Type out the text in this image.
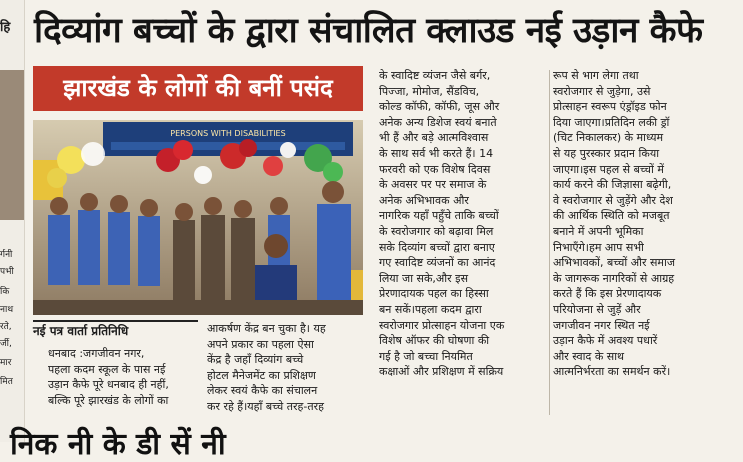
हि
र्गनी
पभी
कि
नाथ
रते,
र्जी,
मार
मित
दिव्यांग बच्चों के द्वारा संचालित क्लाउड नई उड़ान कैफे
झारखंड के लोगों की बनीं पसंद
PERSONS WITH DISABILITIES
नई पत्र वार्ता प्रतिनिधि
धनबाद :जगजीवन नगर,
पहला कदम स्कूल के पास नई
उड़ान कैफे पूरे धनबाद ही नहीं,
बल्कि पूरे झारखंड के लोगों का
आकर्षण केंद्र बन चुका है। यह
अपने प्रकार का पहला ऐसा
केंद्र है जहाँ दिव्यांग बच्चे
होटल मैनेजमेंट का प्रशिक्षण
लेकर स्वयं कैफे का संचालन
कर रहे हैं।यहाँ बच्चे तरह-तरह
के स्वादिष्ट व्यंजन जैसे बर्गर,
पिज्जा, मोमोज, सैंडविच,
कोल्ड कॉफी, कॉफी, जूस और
अनेक अन्य डिशेज स्वयं बनाते
भी हैं और बड़े आत्मविश्वास
के साथ सर्व भी करते हैं। 14
फरवरी को एक विशेष दिवस
के अवसर पर पर समाज के
अनेक अभिभावक और
नागरिक यहाँ पहुँचे ताकि बच्चों
के स्वरोजगार को बढ़ावा मिल
सके दिव्यांग बच्चों द्वारा बनाए
गए स्वादिष्ट व्यंजनों का आनंद
लिया जा सके,और इस
प्रेरणादायक पहल का हिस्सा
बन सकें।पहला कदम द्वारा
स्वरोजगार प्रोत्साहन योजना एक
विशेष ऑफर की घोषणा की
गई है जो बच्चा नियमित
कक्षाओं और प्रशिक्षण में सक्रिय
रूप से भाग लेगा तथा
स्वरोजगार से जुड़ेगा, उसे
प्रोत्साहन स्वरूप एंड्रॉइड फोन
दिया जाएगा।प्रतिदिन लकी ड्रॉ
(चिट निकालकर) के माध्यम
से यह पुरस्कार प्रदान किया
जाएगा।इस पहल से बच्चों में
कार्य करने की जिज्ञासा बढ़ेगी,
वे स्वरोजगार से जुड़ेंगे और देश
की आर्थिक स्थिति को मजबूत
बनाने में अपनी भूमिका
निभाएँगे।हम आप सभी
अभिभावकों, बच्चों और समाज
के जागरूक नागरिकों से आग्रह
करते हैं कि इस प्रेरणादायक
परियोजना से जुड़ें और
जगजीवन नगर स्थित नई
उड़ान कैफे में अवश्य पधारें
और स्वाद के साथ
आत्मनिर्भरता का समर्थन करें।
निक नी के डी सें नी
